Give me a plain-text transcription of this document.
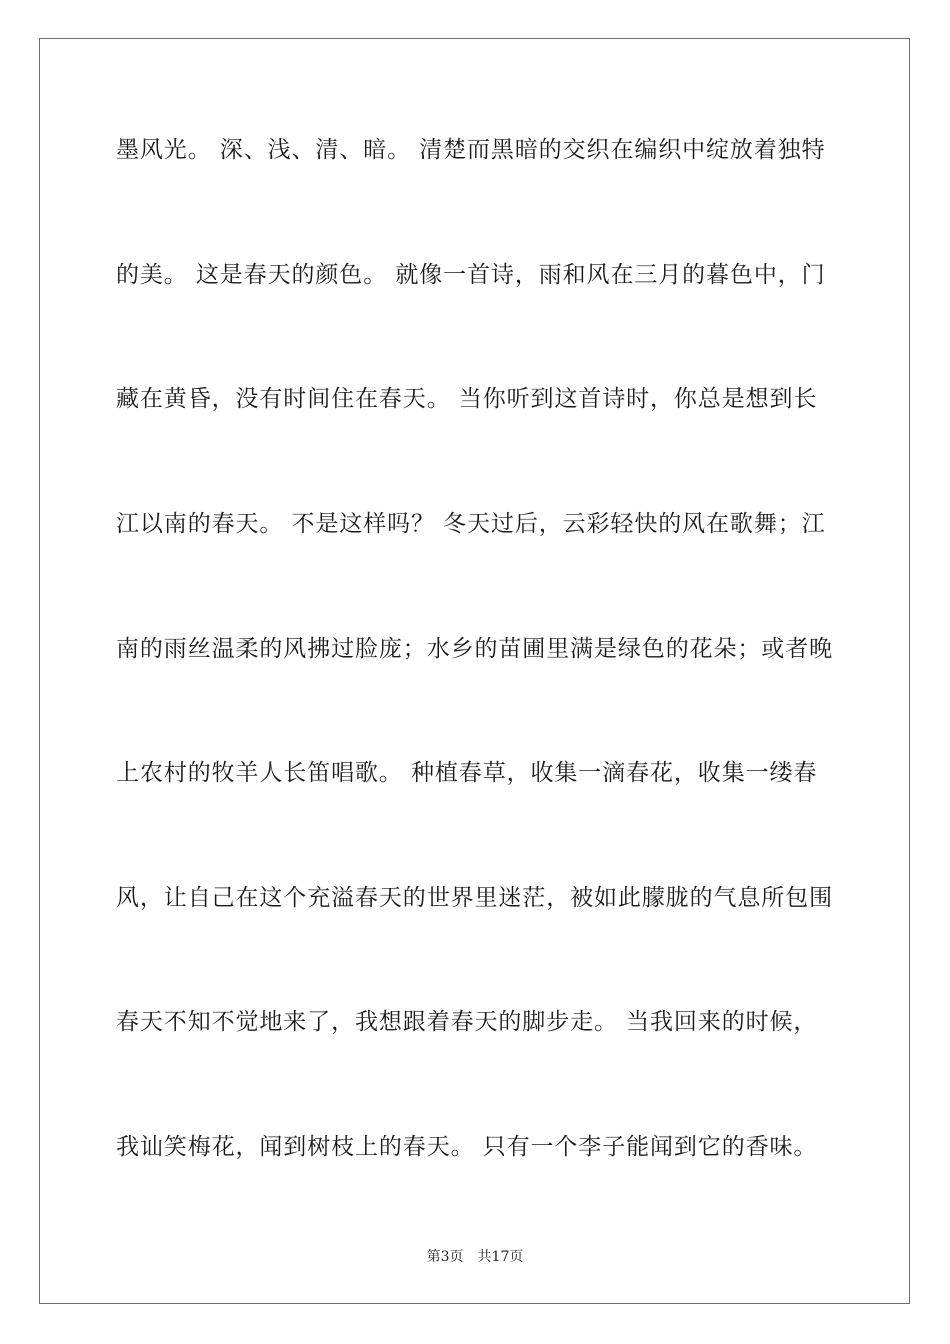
墨风光。 深、浅、清、暗。 清楚而黑暗的交织在编织中绽放着独特
的美。 这是春天的颜色。 就像一首诗，雨和风在三月的暮色中，门
藏在黄昏，没有时间住在春天。 当你听到这首诗时，你总是想到长
江以南的春天。 不是这样吗？ 冬天过后，云彩轻快的风在歌舞；江
南的雨丝温柔的风拂过脸庞；水乡的苗圃里满是绿色的花朵；或者晚
上农村的牧羊人长笛唱歌。 种植春草，收集一滴春花，收集一缕春
风，让自己在这个充溢春天的世界里迷茫，被如此朦胧的气息所包围
春天不知不觉地来了，我想跟着春天的脚步走。 当我回来的时候，
我讪笑梅花，闻到树枝上的春天。 只有一个李子能闻到它的香味。
第3页 共17页
